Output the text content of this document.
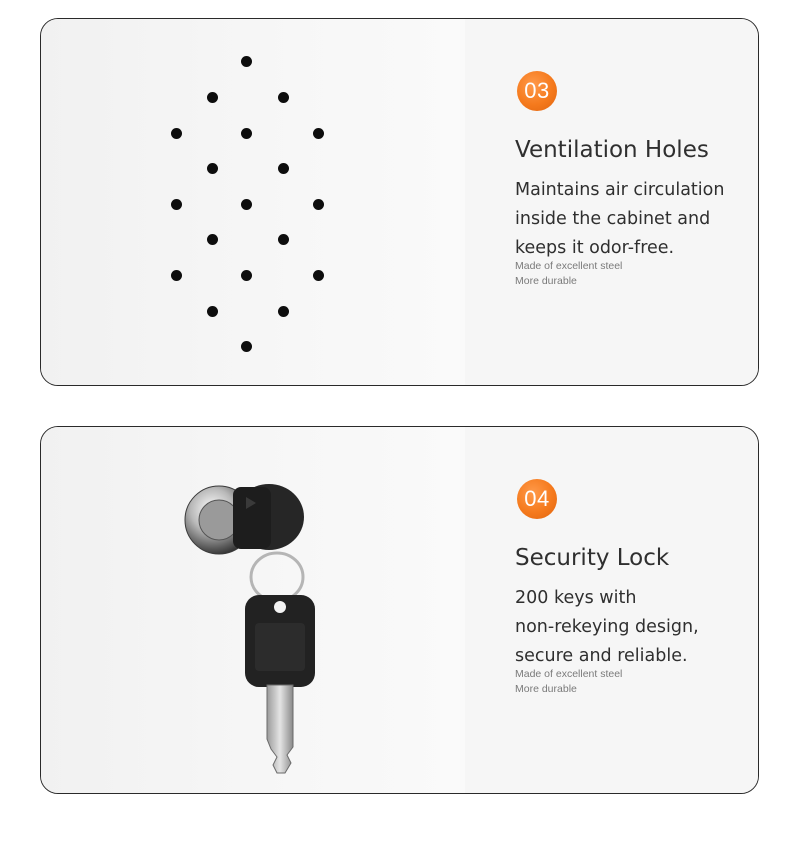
03
Ventilation Holes
Maintains air circulation
inside the cabinet and
keeps it odor-free.
Made of excellent steel
More durable
04
Security Lock
200 keys with
non-rekeying design,
secure and reliable.
Made of excellent steel
More durable
